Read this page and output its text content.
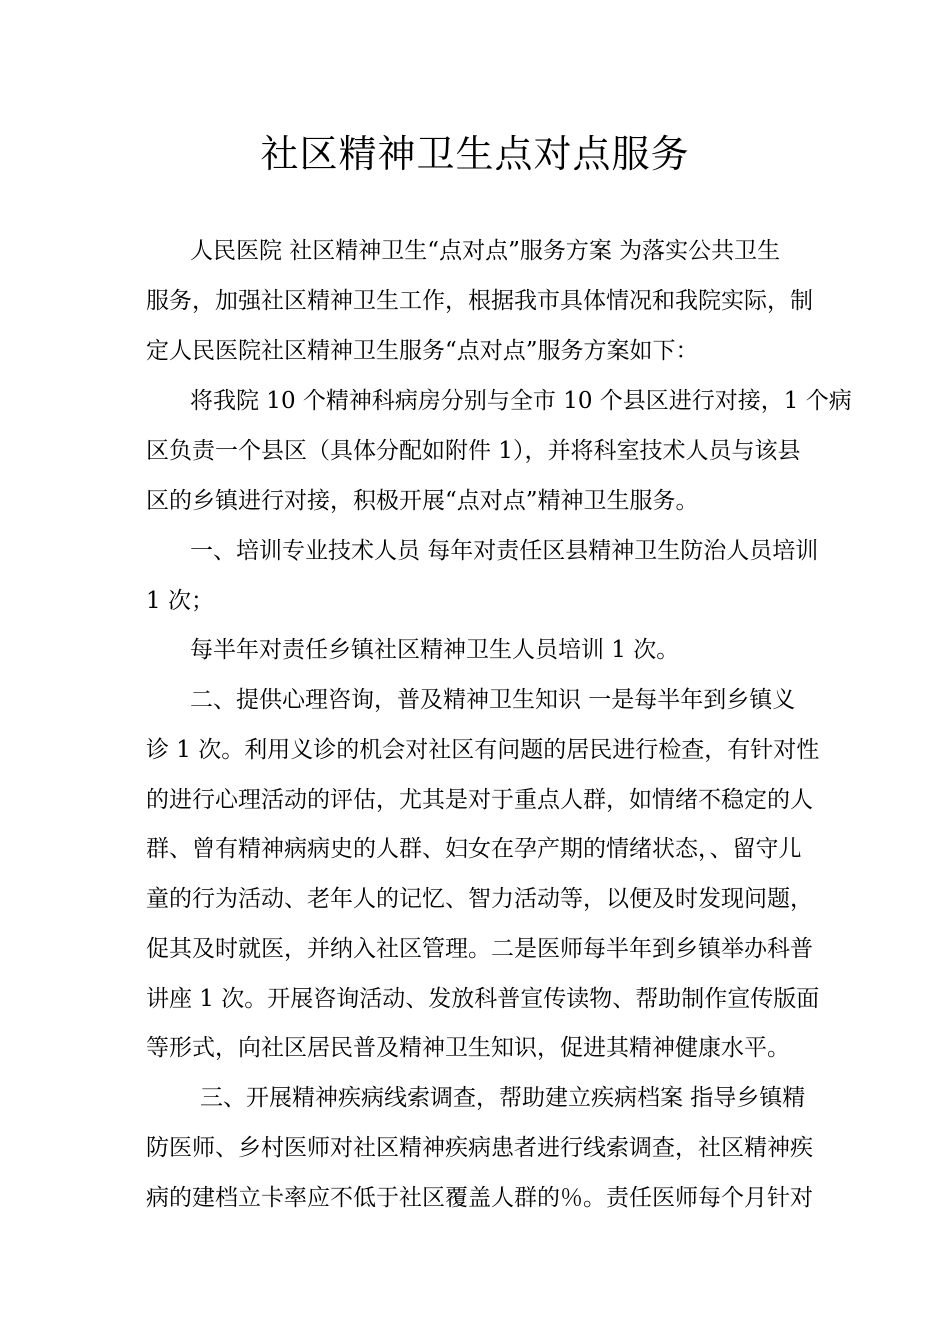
社区精神卫生点对点服务
人民医院 社区精神卫生“点对点”服务方案 为落实公共卫生
服务，加强社区精神卫生工作，根据我市具体情况和我院实际，制
定人民医院社区精神卫生服务“点对点”服务方案如下：
将我院 10 个精神科病房分别与全市 10 个县区进行对接，1 个病
区负责一个县区（具体分配如附件 1），并将科室技术人员与该县
区的乡镇进行对接，积极开展“点对点”精神卫生服务。
一、培训专业技术人员 每年对责任区县精神卫生防治人员培训
1 次；
每半年对责任乡镇社区精神卫生人员培训 1 次。
二、提供心理咨询，普及精神卫生知识 一是每半年到乡镇义
诊 1 次。利用义诊的机会对社区有问题的居民进行检查，有针对性
的进行心理活动的评估，尤其是对于重点人群，如情绪不稳定的人
群、曾有精神病病史的人群、妇女在孕产期的情绪状态，、留守儿
童的行为活动、老年人的记忆、智力活动等，以便及时发现问题，
促其及时就医，并纳入社区管理。二是医师每半年到乡镇举办科普
讲座 1 次。开展咨询活动、发放科普宣传读物、帮助制作宣传版面
等形式，向社区居民普及精神卫生知识，促进其精神健康水平。
三、开展精神疾病线索调查，帮助建立疾病档案 指导乡镇精
防医师、乡村医师对社区精神疾病患者进行线索调查，社区精神疾
病的建档立卡率应不低于社区覆盖人群的％。责任医师每个月针对
